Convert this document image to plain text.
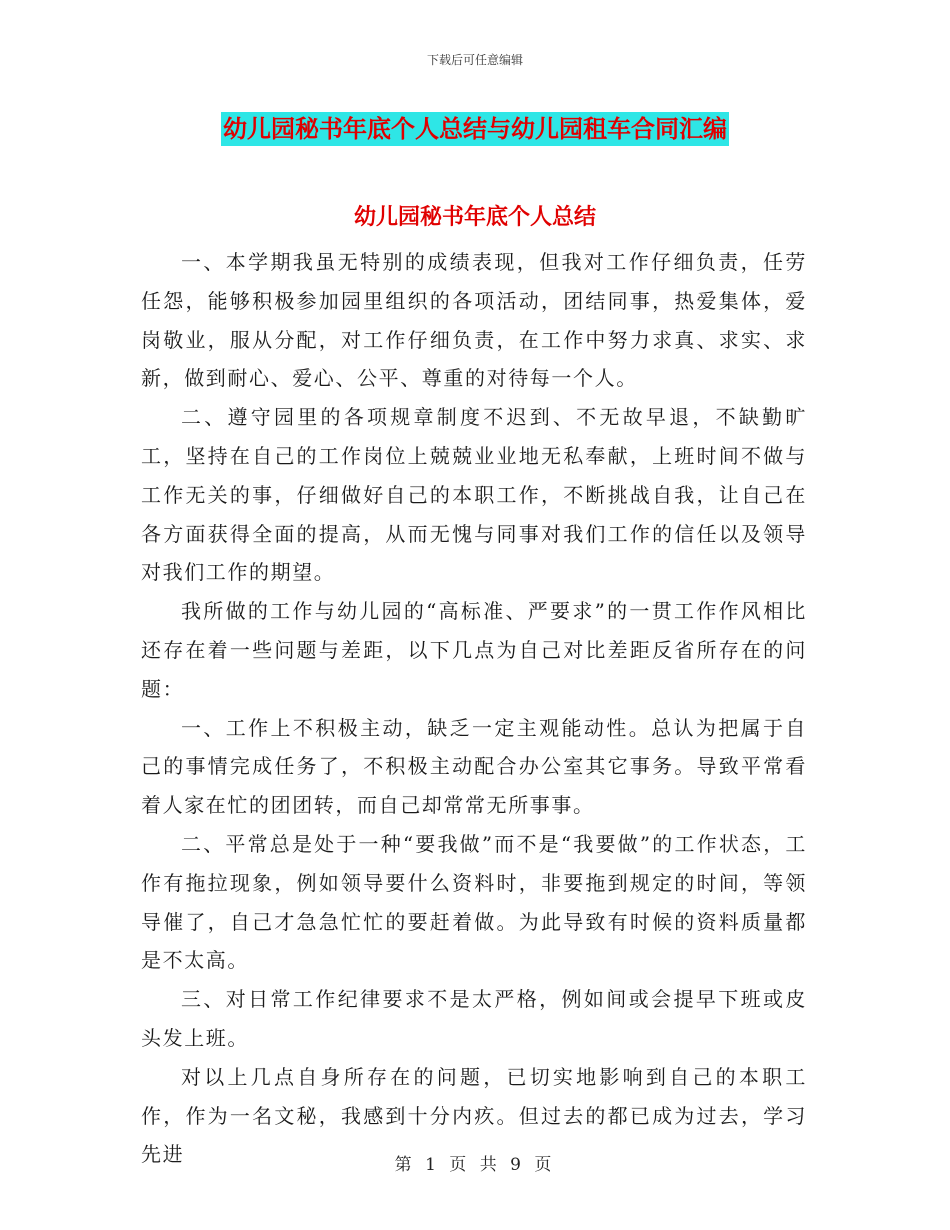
下载后可任意编辑
幼儿园秘书年底个人总结与幼儿园租车合同汇编
幼儿园秘书年底个人总结

一、本学期我虽无特别的成绩表现，但我对工作仔细负责，任劳任怨，能够积极参加园里组织的各项活动，团结同事，热爱集体，爱岗敬业，服从分配，对工作仔细负责，在工作中努力求真、求实、求新，做到耐心、爱心、公平、尊重的对待每一个人。

二、遵守园里的各项规章制度不迟到、不无故早退，不缺勤旷工，坚持在自己的工作岗位上兢兢业业地无私奉献，上班时间不做与工作无关的事，仔细做好自己的本职工作，不断挑战自我，让自己在各方面获得全面的提高，从而无愧与同事对我们工作的信任以及领导对我们工作的期望。

我所做的工作与幼儿园的“高标准、严要求”的一贯工作作风相比还存在着一些问题与差距，以下几点为自己对比差距反省所存在的问题：

一、工作上不积极主动，缺乏一定主观能动性。总认为把属于自己的事情完成任务了，不积极主动配合办公室其它事务。导致平常看着人家在忙的团团转，而自己却常常无所事事。

二、平常总是处于一种“要我做”而不是“我要做”的工作状态，工作有拖拉现象，例如领导要什么资料时，非要拖到规定的时间，等领导催了，自己才急急忙忙的要赶着做。为此导致有时候的资料质量都是不太高。

三、对日常工作纪律要求不是太严格，例如间或会提早下班或皮头发上班。

对以上几点自身所存在的问题，已切实地影响到自己的本职工作，作为一名文秘，我感到十分内疚。但过去的都已成为过去，学习先进	第 1 页 共 9 页
